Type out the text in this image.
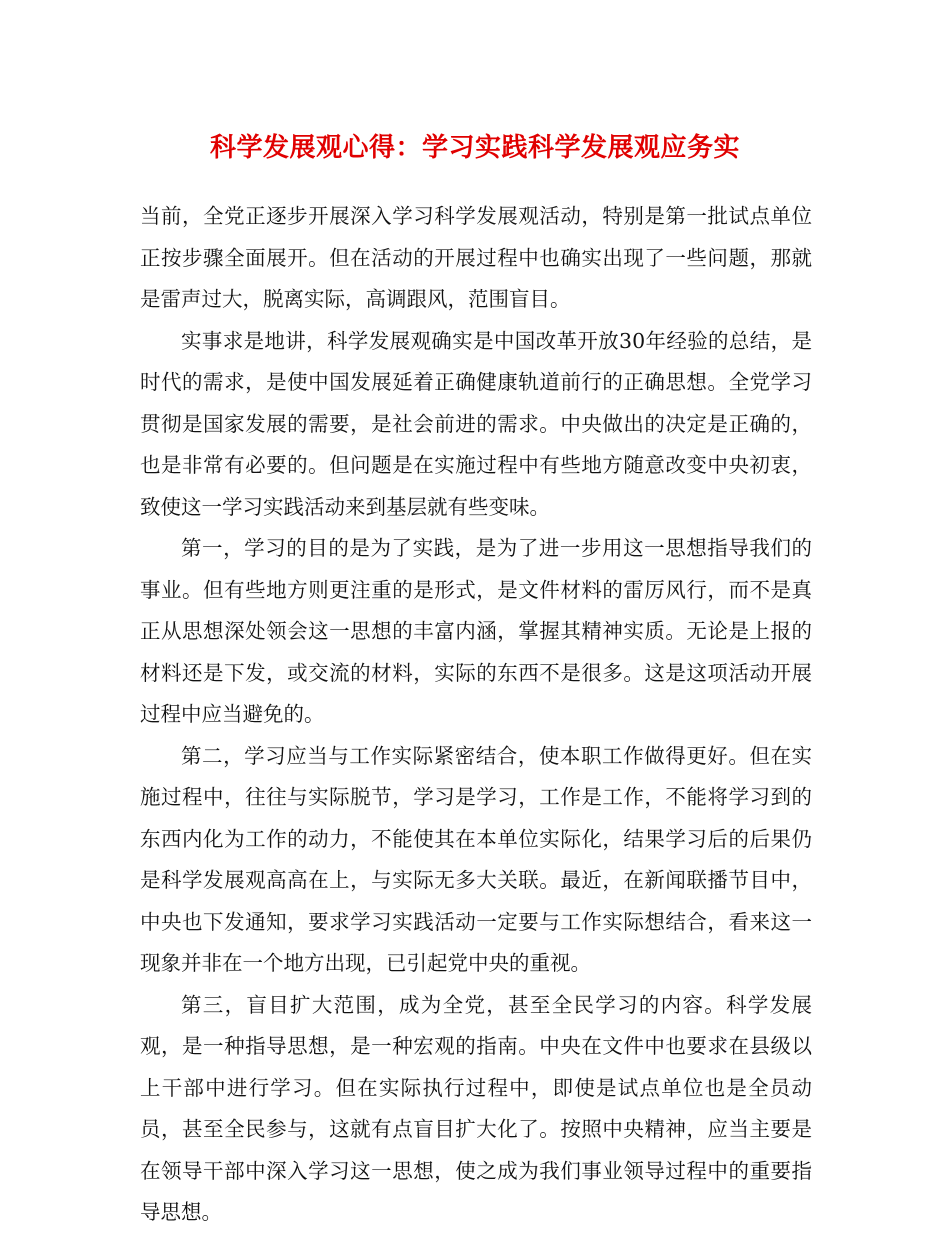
科学发展观心得：学习实践科学发展观应务实

当前，全党正逐步开展深入学习科学发展观活动，特别是第一批试点单位正按步骤全面展开。但在活动的开展过程中也确实出现了一些问题，那就是雷声过大，脱离实际，高调跟风，范围盲目。

实事求是地讲，科学发展观确实是中国改革开放30年经验的总结，是时代的需求，是使中国发展延着正确健康轨道前行的正确思想。全党学习贯彻是国家发展的需要，是社会前进的需求。中央做出的决定是正确的，也是非常有必要的。但问题是在实施过程中有些地方随意改变中央初衷，致使这一学习实践活动来到基层就有些变味。

第一，学习的目的是为了实践，是为了进一步用这一思想指导我们的事业。但有些地方则更注重的是形式，是文件材料的雷厉风行，而不是真正从思想深处领会这一思想的丰富内涵，掌握其精神实质。无论是上报的材料还是下发，或交流的材料，实际的东西不是很多。这是这项活动开展过程中应当避免的。

第二，学习应当与工作实际紧密结合，使本职工作做得更好。但在实施过程中，往往与实际脱节，学习是学习，工作是工作，不能将学习到的东西内化为工作的动力，不能使其在本单位实际化，结果学习后的后果仍是科学发展观高高在上，与实际无多大关联。最近，在新闻联播节目中，中央也下发通知，要求学习实践活动一定要与工作实际想结合，看来这一现象并非在一个地方出现，已引起党中央的重视。

第三，盲目扩大范围，成为全党，甚至全民学习的内容。科学发展观，是一种指导思想，是一种宏观的指南。中央在文件中也要求在县级以上干部中进行学习。但在实际执行过程中，即使是试点单位也是全员动员，甚至全民参与，这就有点盲目扩大化了。按照中央精神，应当主要是在领导干部中深入学习这一思想，使之成为我们事业领导过程中的重要指导思想。
